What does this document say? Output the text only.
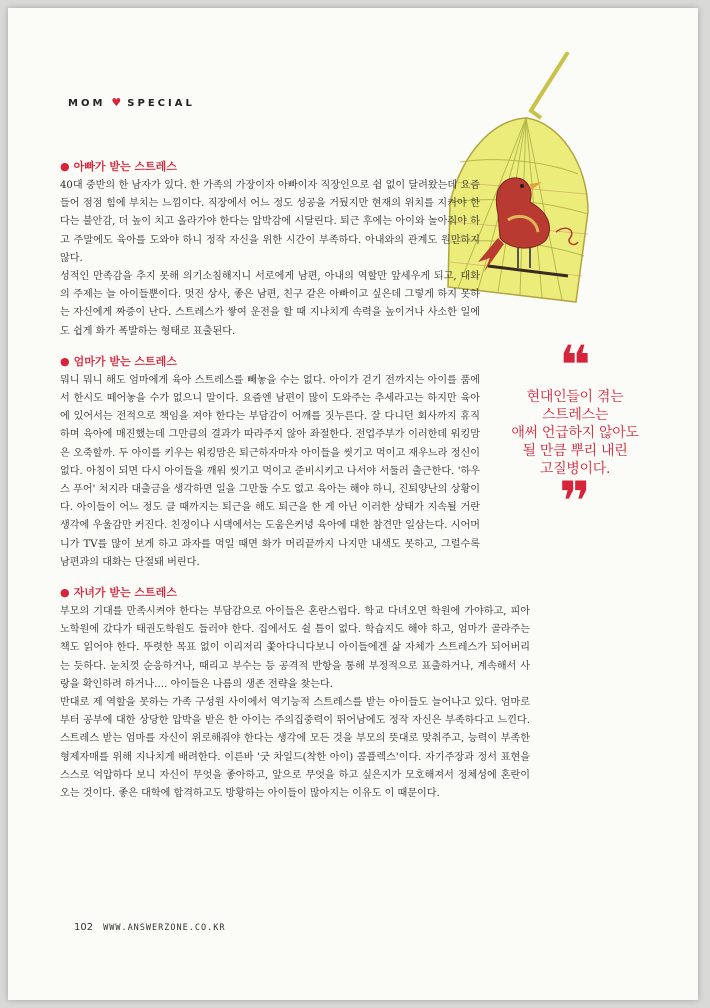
MOM ♥ SPECIAL
● 아빠가 받는 스트레스

40대 중반의 한 남자가 있다. 한 가족의 가장이자 아빠이자 직장인으로 쉼 없이 달려왔는데 요즘 들어 점점 힘에 부치는 느낌이다. 직장에서 어느 정도 성공을 거뒀지만 현재의 위치를 지켜야 한다는 불안감, 더 높이 치고 올라가야 한다는 압박감에 시달린다. 퇴근 후에는 아이와 놀아줘야 하고 주말에도 육아를 도와야 하니 정작 자신을 위한 시간이 부족하다. 아내와의 관계도 원만하지 않다.

성적인 만족감을 추지 못해 의기소침해지니 서로에게 남편, 아내의 역할만 앞세우게 되고, 대화의 주제는 늘 아이들뿐이다. 멋진 상사, 좋은 남편, 친구 같은 아빠이고 싶은데 그렇게 하지 못하는 자신에게 짜증이 난다. 스트레스가 쌓여 운전을 할 때 지나치게 속력을 높이거나 사소한 일에도 쉽게 화가 폭발하는 형태로 표출된다.

● 엄마가 받는 스트레스

뭐니 뭐니 해도 엄마에게 육아 스트레스를 빼놓을 수는 없다. 아이가 걷기 전까지는 아이를 품에서 한시도 떼어놓을 수가 없으니 말이다. 요즘엔 남편이 많이 도와주는 추세라고는 하지만 육아에 있어서는 전적으로 책임을 져야 한다는 부담감이 어깨를 짓누른다. 잘 다니던 회사까지 휴직하며 육아에 매진했는데 그만큼의 결과가 따라주지 않아 좌절한다. 전업주부가 이러한데 워킹맘은 오죽할까. 두 아이를 키우는 워킹맘은 퇴근하자마자 아이들을 씻기고 먹이고 재우느라 정신이 없다. 아침이 되면 다시 아이들을 깨워 씻기고 먹이고 준비시키고 나서야 서둘러 출근한다. '하우스 푸어' 처지라 대출금을 생각하면 일을 그만둘 수도 없고 육아는 해야 하니, 진퇴양난의 상황이다. 아이들이 어느 정도 클 때까지는 퇴근을 해도 퇴근을 한 게 아닌 이러한 상태가 지속될 거란 생각에 우울감만 커진다. 친정이나 시댁에서는 도움은커녕 육아에 대한 참견만 일삼는다. 시어머니가 TV를 많이 보게 하고 과자를 먹일 때면 화가 머리끝까지 나지만 내색도 못하고, 그럴수록 남편과의 대화는 단절돼 버린다.

● 자녀가 받는 스트레스

부모의 기대를 만족시켜야 한다는 부담감으로 아이들은 혼란스럽다. 학교 다녀오면 학원에 가야하고, 피아노학원에 갔다가 태권도학원도 들러야 한다. 집에서도 쉴 틈이 없다. 학습지도 해야 하고, 엄마가 골라주는 책도 읽어야 한다. 뚜렷한 목표 없이 이리저리 쫓아다니다보니 아이들에겐 삶 자체가 스트레스가 되어버리는 듯하다. 눈치껏 순응하거나, 때리고 부수는 등 공격적 반항을 통해 부정적으로 표출하거나, 계속해서 사랑을 확인하려 하거나…. 아이들은 나름의 생존 전략을 찾는다.

반대로 제 역할을 못하는 가족 구성원 사이에서 역기능적 스트레스를 받는 아이들도 늘어나고 있다. 엄마로부터 공부에 대한 상당한 압박을 받은 한 아이는 주의집중력이 뛰어남에도 정작 자신은 부족하다고 느낀다. 스트레스 받는 엄마를 자신이 위로해줘야 한다는 생각에 모든 것을 부모의 뜻대로 맞춰주고, 능력이 부족한 형제자매를 위해 지나치게 배려한다. 이른바 '굿 차일드(착한 아이) 콤플렉스'이다. 자기주장과 정서 표현을 스스로 억압하다 보니 자신이 무엇을 좋아하고, 앞으로 무엇을 하고 싶은지가 모호해져서 정체성에 혼란이 오는 것이다. 좋은 대학에 합격하고도 방황하는 아이들이 많아지는 이유도 이 때문이다.

❝
현대인들이 겪는
스트레스는
애써 언급하지 않아도
될 만큼 뿌리 내린
고질병이다.
❞
102 WWW.ANSWERZONE.CO.KR
